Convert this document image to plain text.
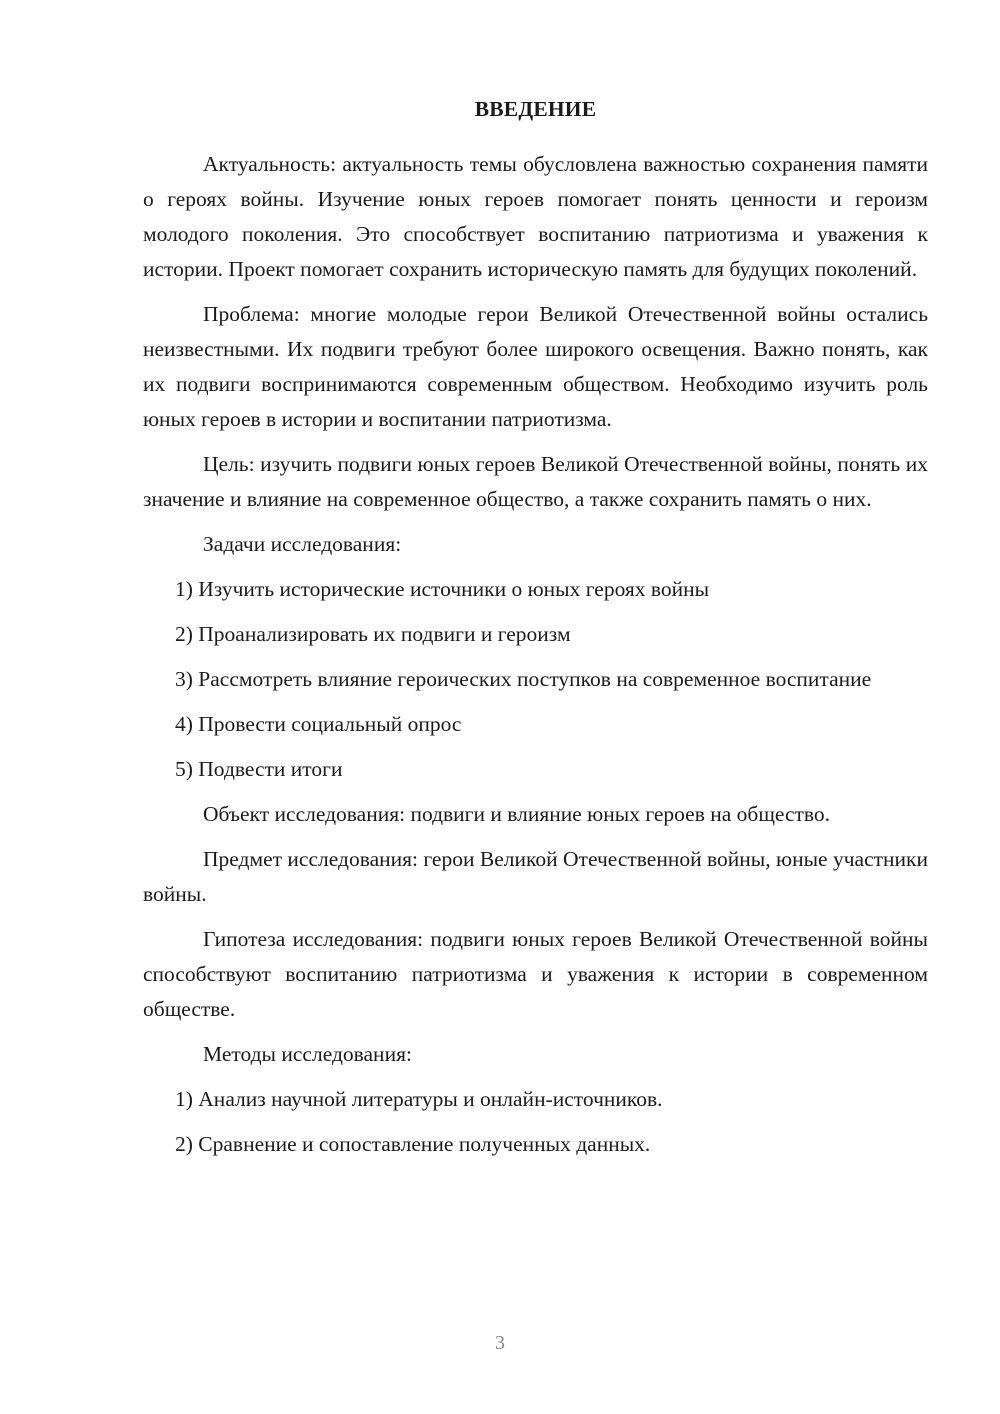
ВВЕДЕНИЕ

Актуальность: актуальность темы обусловлена важностью сохранения памяти о героях войны. Изучение юных героев помогает понять ценности и героизм молодого поколения. Это способствует воспитанию патриотизма и уважения к истории. Проект помогает сохранить историческую память для будущих поколений.

Проблема: многие молодые герои Великой Отечественной войны остались неизвестными. Их подвиги требуют более широкого освещения. Важно понять, как их подвиги воспринимаются современным обществом. Необходимо изучить роль юных героев в истории и воспитании патриотизма.

Цель: изучить подвиги юных героев Великой Отечественной войны, понять их значение и влияние на современное общество, а также сохранить память о них.

Задачи исследования:

1) Изучить исторические источники о юных героях войны

2) Проанализировать их подвиги и героизм

3) Рассмотреть влияние героических поступков на современное воспитание

4) Провести социальный опрос

5) Подвести итоги

Объект исследования: подвиги и влияние юных героев на общество.

Предмет исследования: герои Великой Отечественной войны, юные участники войны.

Гипотеза исследования: подвиги юных героев Великой Отечественной войны способствуют воспитанию патриотизма и уважения к истории в современном обществе.

Методы исследования:

1) Анализ научной литературы и онлайн-источников.

2) Сравнение и сопоставление полученных данных.

3
